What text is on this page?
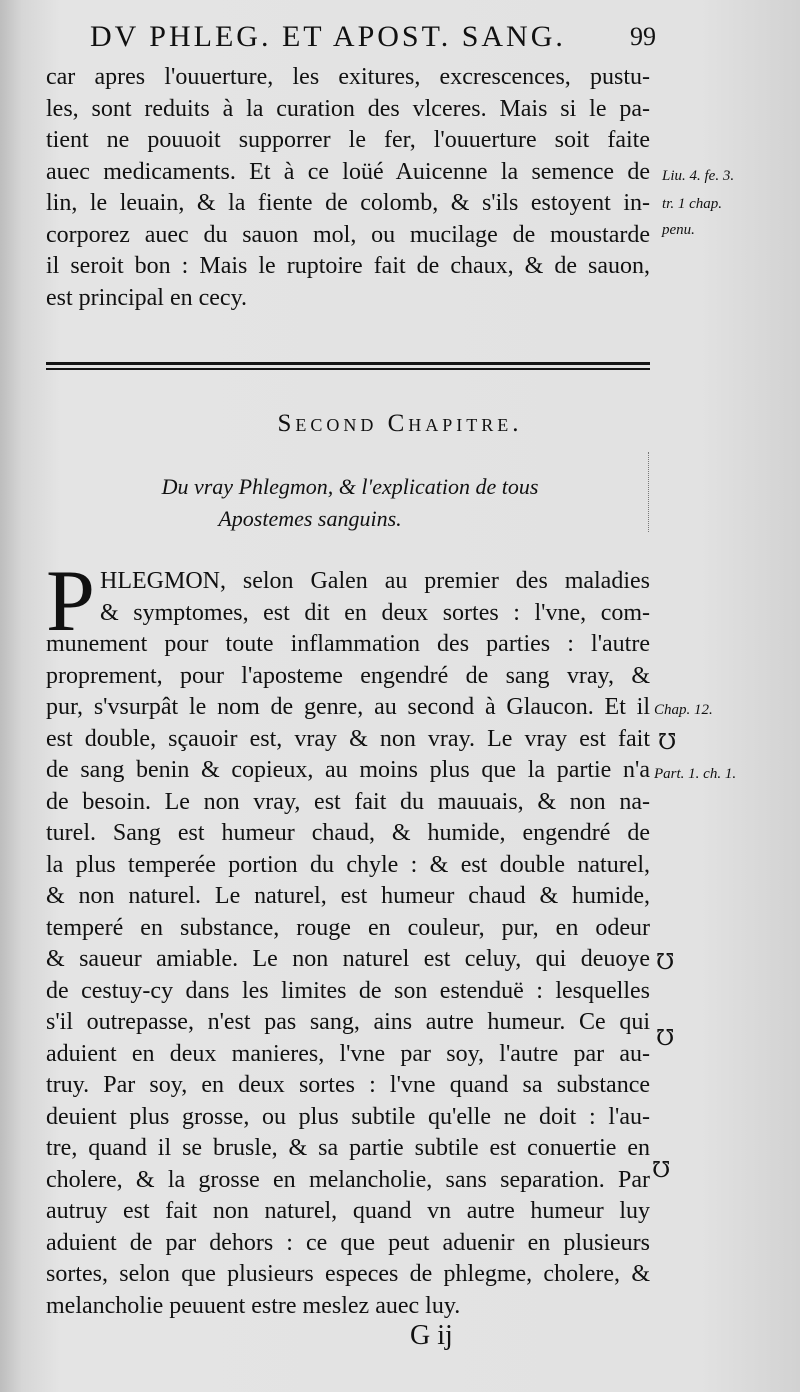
DV PHLEG. ET APOST. SANG. 99
car apres l'ouuerture, les exitures, excrescences, pustu-
les, sont reduits à la curation des vlceres. Mais si le pa-
tient ne pouuoit supporrer le fer, l'ouuerture soit faite
auec medicaments. Et à ce loüé Auicenne la semence de
lin, le leuain, & la fiente de colomb, & s'ils estoyent in-
corporez auec du sauon mol, ou mucilage de moustarde
il seroit bon : Mais le ruptoire fait de chaux, & de sauon,
est principal en cecy.
Liu. 4. fe. 3.
tr. 1 chap.
penu.
Second Chapitre.
Du vray Phlegmon, & l'explication de tous
Apostemes sanguins.
P HLEGMON, selon Galen au premier des maladies
& symptomes, est dit en deux sortes : l'vne, com-
munement pour toute inflammation des parties : l'autre
proprement, pour l'aposteme engendré de sang vray, &
pur, s'vsurpât le nom de genre, au second à Glaucon. Et il
est double, sçauoir est, vray & non vray. Le vray est fait
de sang benin & copieux, au moins plus que la partie n'a
de besoin. Le non vray, est fait du mauuais, & non na-
turel. Sang est humeur chaud, & humide, engendré de
la plus temperée portion du chyle : & est double naturel,
& non naturel. Le naturel, est humeur chaud & humide,
temperé en substance, rouge en couleur, pur, en odeur
& saueur amiable. Le non naturel est celuy, qui deuoye
de cestuy-cy dans les limites de son estenduë : lesquelles
s'il outrepasse, n'est pas sang, ains autre humeur. Ce qui
aduient en deux manieres, l'vne par soy, l'autre par au-
truy. Par soy, en deux sortes : l'vne quand sa substance
deuient plus grosse, ou plus subtile qu'elle ne doit : l'au-
tre, quand il se brusle, & sa partie subtile est conuertie en
cholere, & la grosse en melancholie, sans separation. Par
autruy est fait non naturel, quand vn autre humeur luy
aduient de par dehors : ce que peut aduenir en plusieurs
sortes, selon que plusieurs especes de phlegme, cholere, &
melancholie peuuent estre meslez auec luy.
Chap. 12.
℧
Part. 1. ch. 1.
℧
℧
℧
G ij
